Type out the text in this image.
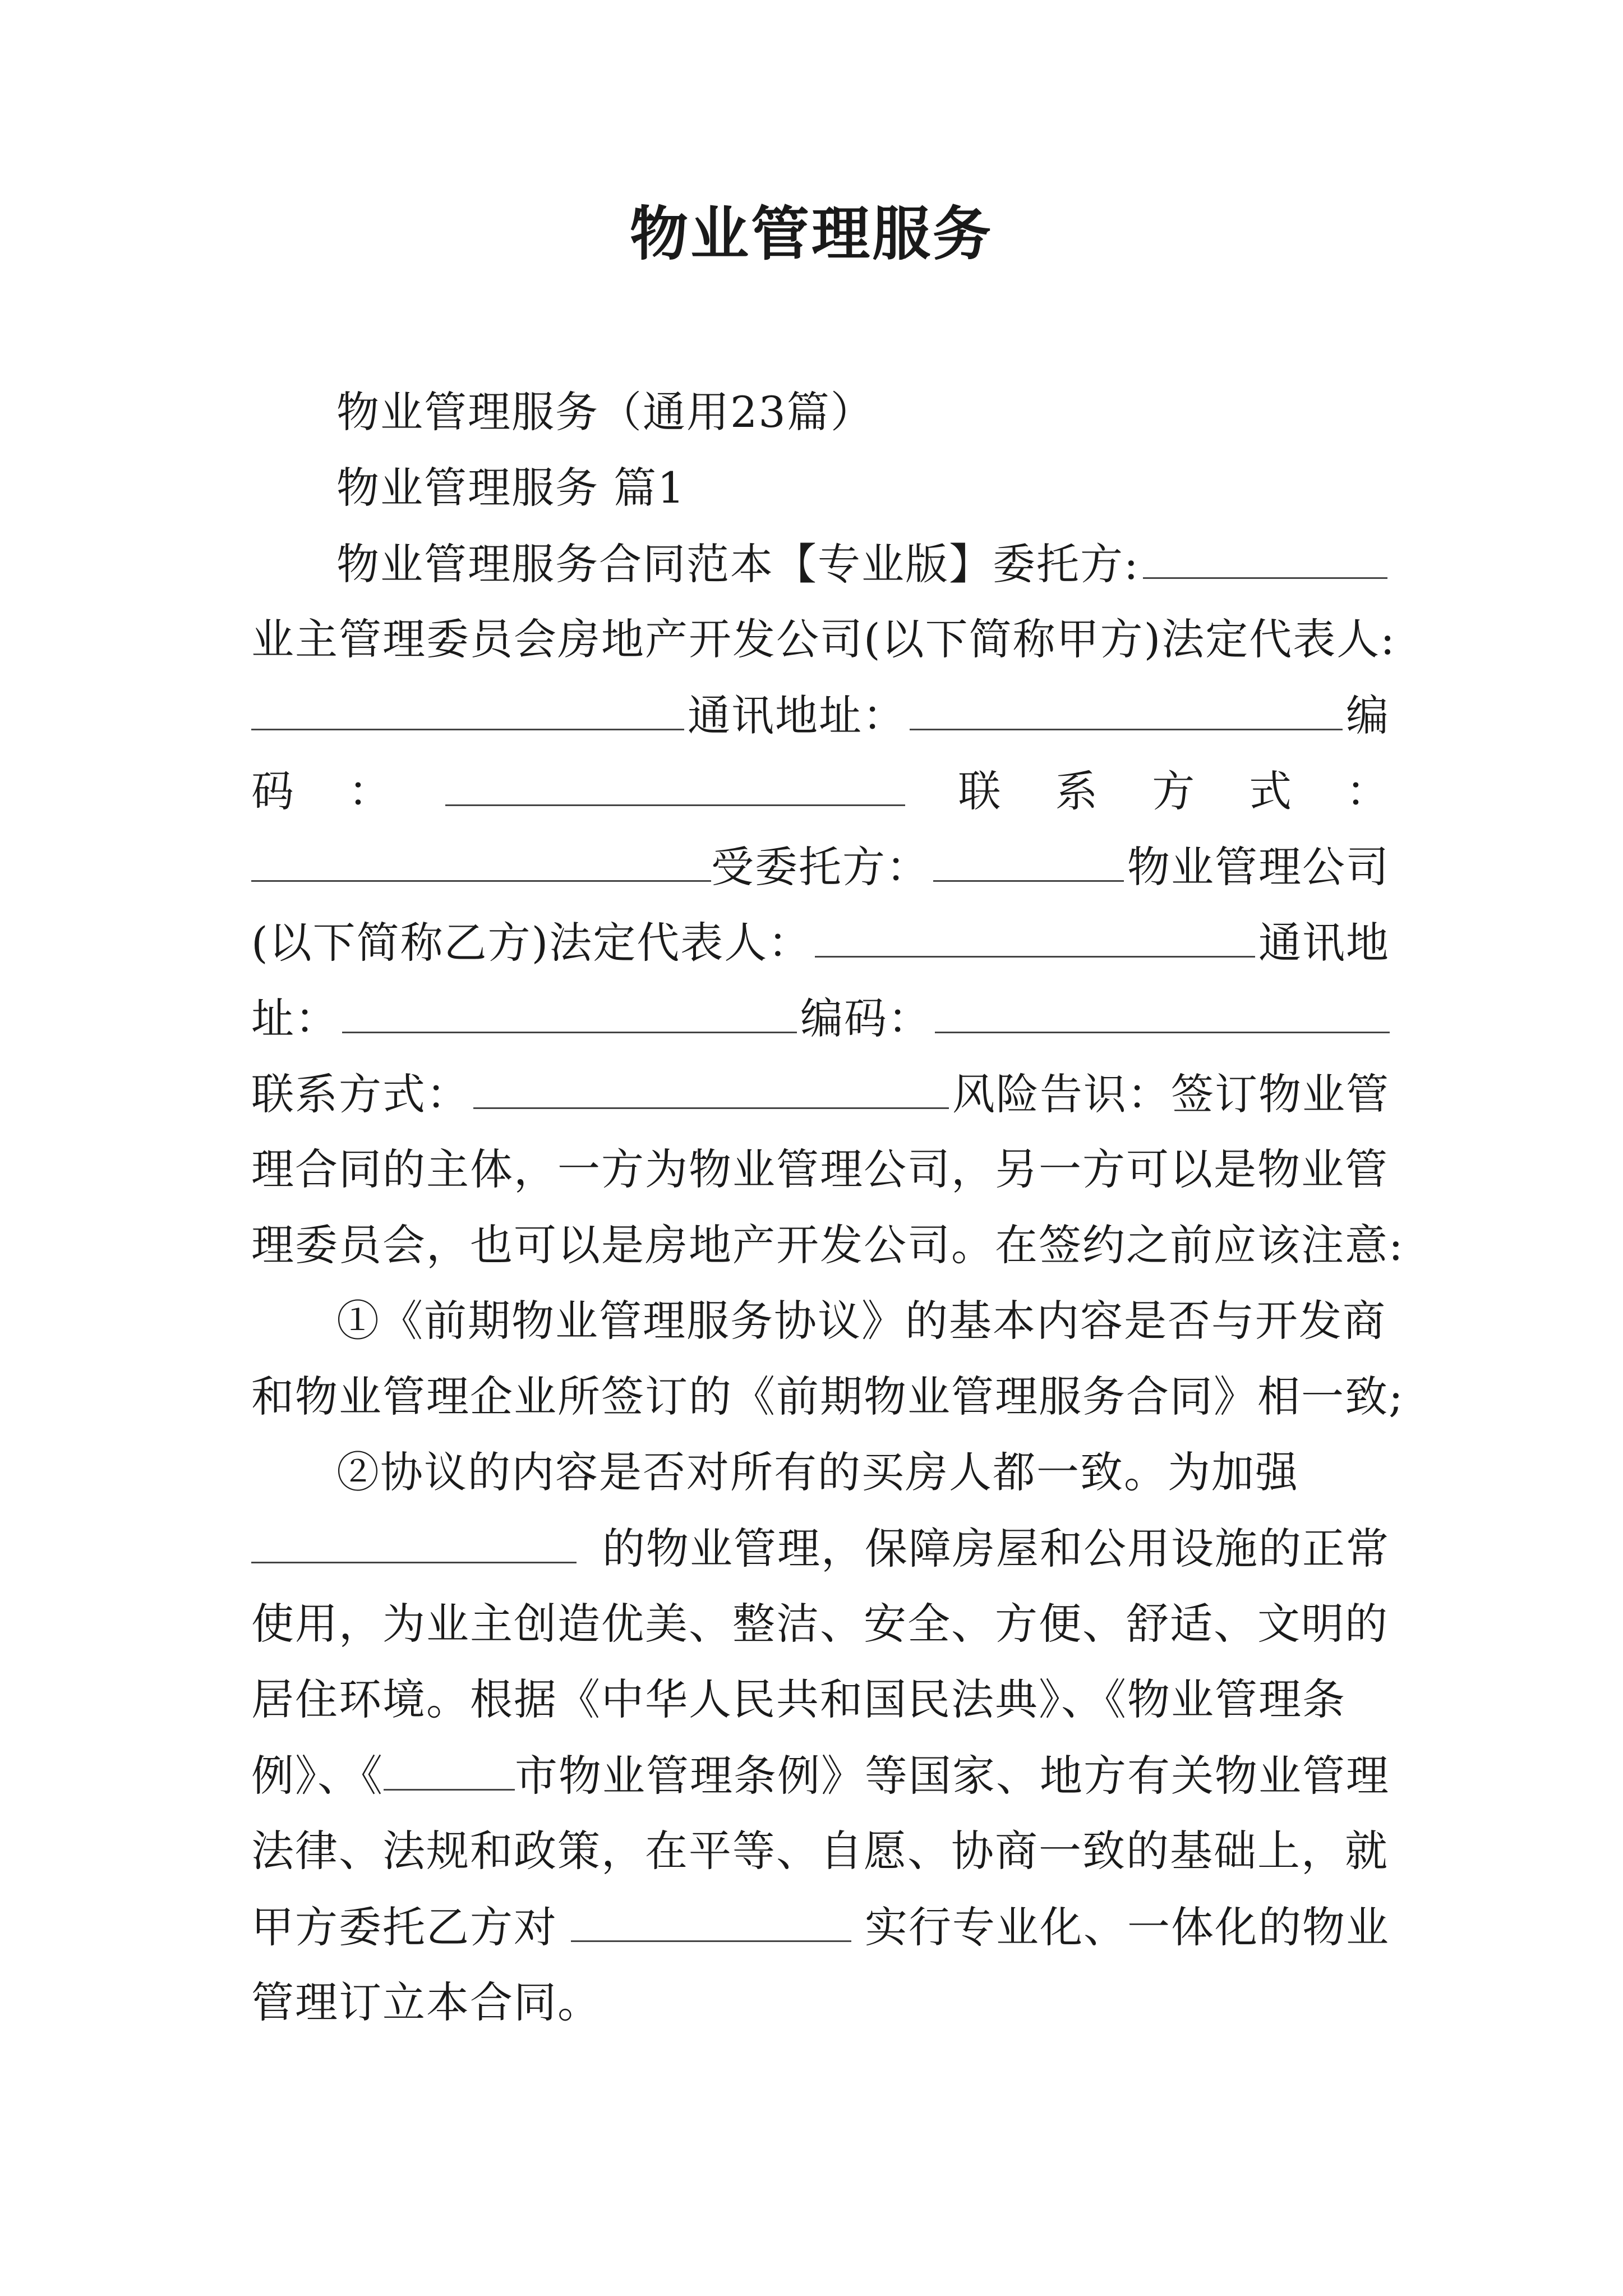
物业管理服务
物业管理服务（通用23篇）
物业管理服务 篇1
物业管理服务合同范本【专业版】委托方:
业主管理委员会房地产开发公司(以下简称甲方)法定代表人:
通讯地址：	编
码 ：	联 系 方 式 ：
受委托方：	物业管理公司
(以下简称乙方)法定代表人：	通讯地
址：	编码：
联系方式：	风险告识：签订物业管
理合同的主体，一方为物业管理公司，另一方可以是物业管
理委员会，也可以是房地产开发公司。在签约之前应该注意:
①《前期物业管理服务协议》的基本内容是否与开发商
和物业管理企业所签订的《前期物业管理服务合同》相一致;
②协议的内容是否对所有的买房人都一致。为加强
的物业管理，保障房屋和公用设施的正常
使用，为业主创造优美、整洁、安全、方便、舒适、文明的
居住环境。根据《中华人民共和国民法典》、《物业管理条
例》、《	市物业管理条例》等国家、地方有关物业管理
法律、法规和政策，在平等、自愿、协商一致的基础上，就
甲方委托乙方对	实行专业化、一体化的物业
管理订立本合同。
